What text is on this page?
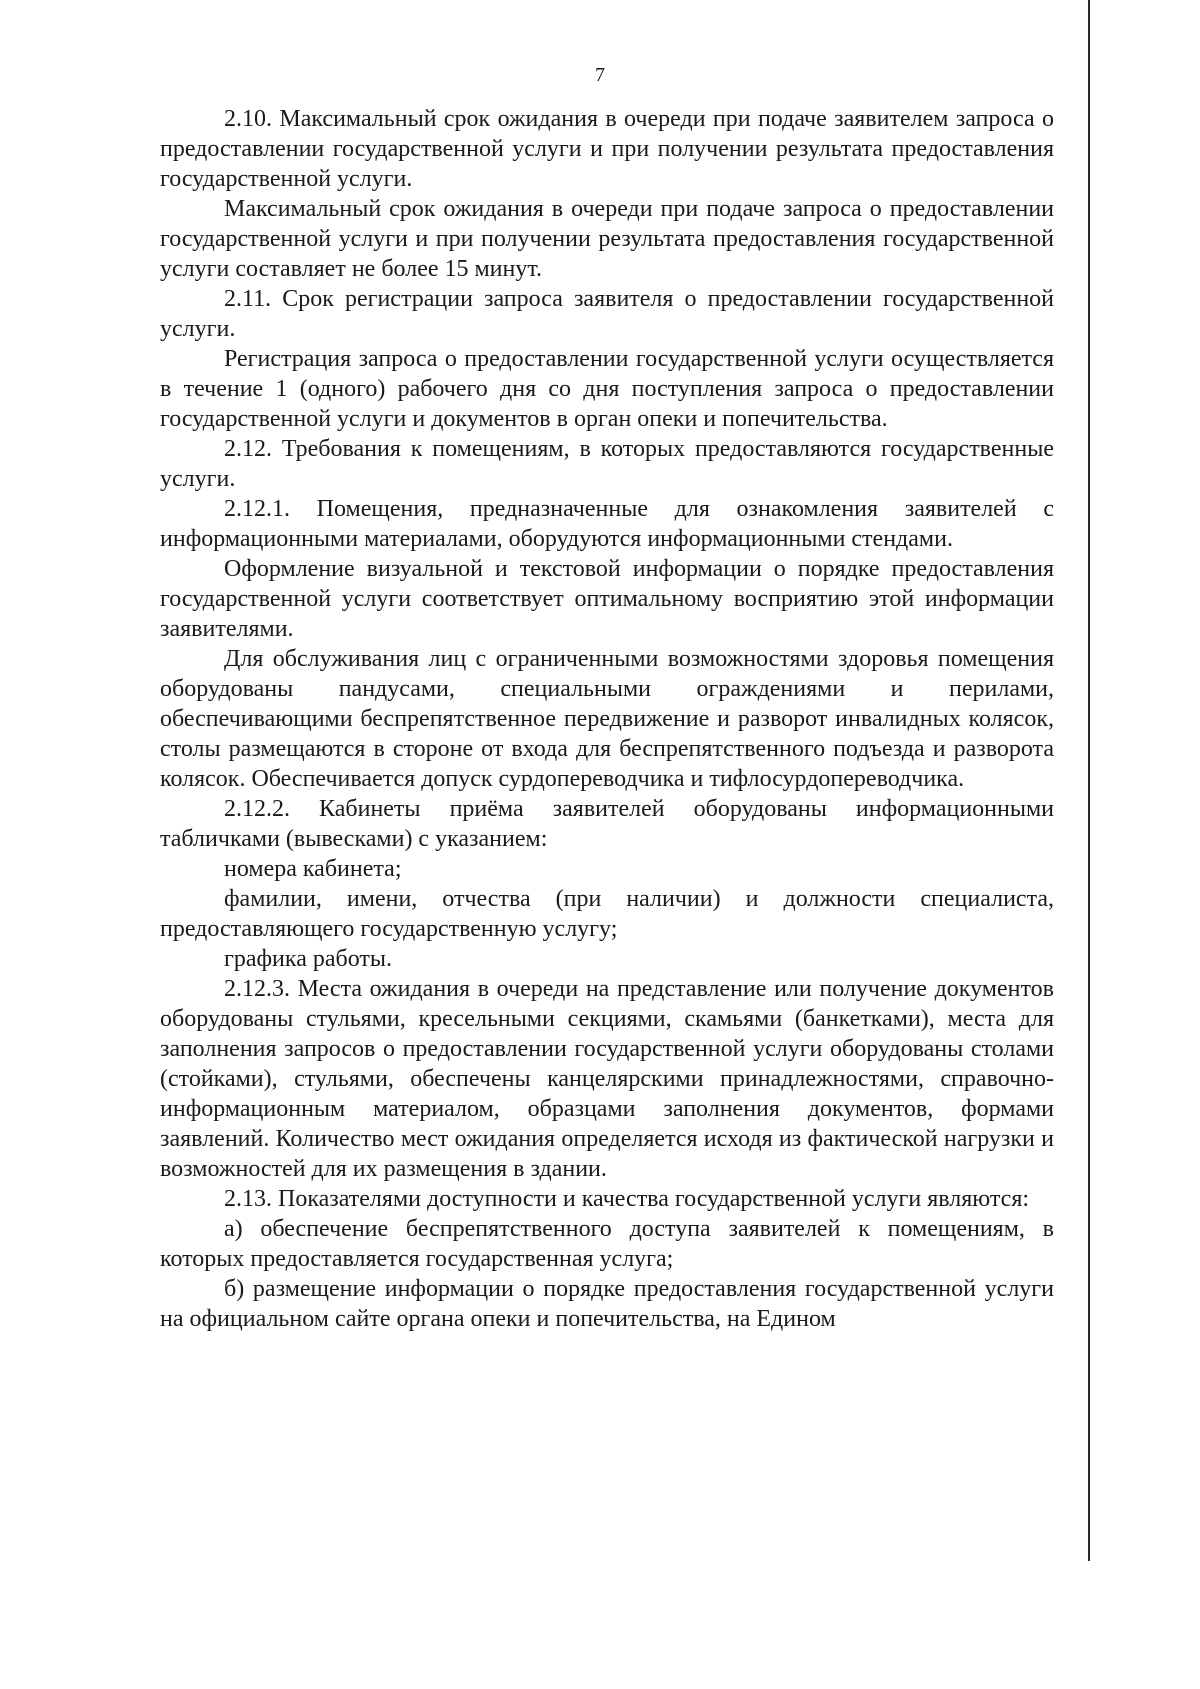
7

2.10. Максимальный срок ожидания в очереди при подаче заявителем запроса о предоставлении государственной услуги и при получении результата предоставления государственной услуги.

Максимальный срок ожидания в очереди при подаче запроса о предоставлении государственной услуги и при получении результата предоставления государственной услуги составляет не более 15 минут.

2.11. Срок регистрации запроса заявителя о предоставлении государственной услуги.

Регистрация запроса о предоставлении государственной услуги осуществляется в течение 1 (одного) рабочего дня со дня поступления запроса о предоставлении государственной услуги и документов в орган опеки и попечительства.

2.12. Требования к помещениям, в которых предоставляются государственные услуги.

2.12.1. Помещения, предназначенные для ознакомления заявителей с информационными материалами, оборудуются информационными стендами.

Оформление визуальной и текстовой информации о порядке предоставления государственной услуги соответствует оптимальному восприятию этой информации заявителями.

Для обслуживания лиц с ограниченными возможностями здоровья помещения оборудованы пандусами, специальными ограждениями и перилами, обеспечивающими беспрепятственное передвижение и разворот инвалидных колясок, столы размещаются в стороне от входа для беспрепятственного подъезда и разворота колясок. Обеспечивается допуск сурдопереводчика и тифлосурдопереводчика.

2.12.2. Кабинеты приёма заявителей оборудованы информационными табличками (вывесками) с указанием:

номера кабинета;

фамилии, имени, отчества (при наличии) и должности специалиста, предоставляющего государственную услугу;

графика работы.

2.12.3. Места ожидания в очереди на представление или получение документов оборудованы стульями, кресельными секциями, скамьями (банкетками), места для заполнения запросов о предоставлении государственной услуги оборудованы столами (стойками), стульями, обеспечены канцелярскими принадлежностями, справочно-информационным материалом, образцами заполнения документов, формами заявлений. Количество мест ожидания определяется исходя из фактической нагрузки и возможностей для их размещения в здании.

2.13. Показателями доступности и качества государственной услуги являются:

а) обеспечение беспрепятственного доступа заявителей к помещениям, в которых предоставляется государственная услуга;

б) размещение информации о порядке предоставления государственной услуги на официальном сайте органа опеки и попечительства, на Едином
